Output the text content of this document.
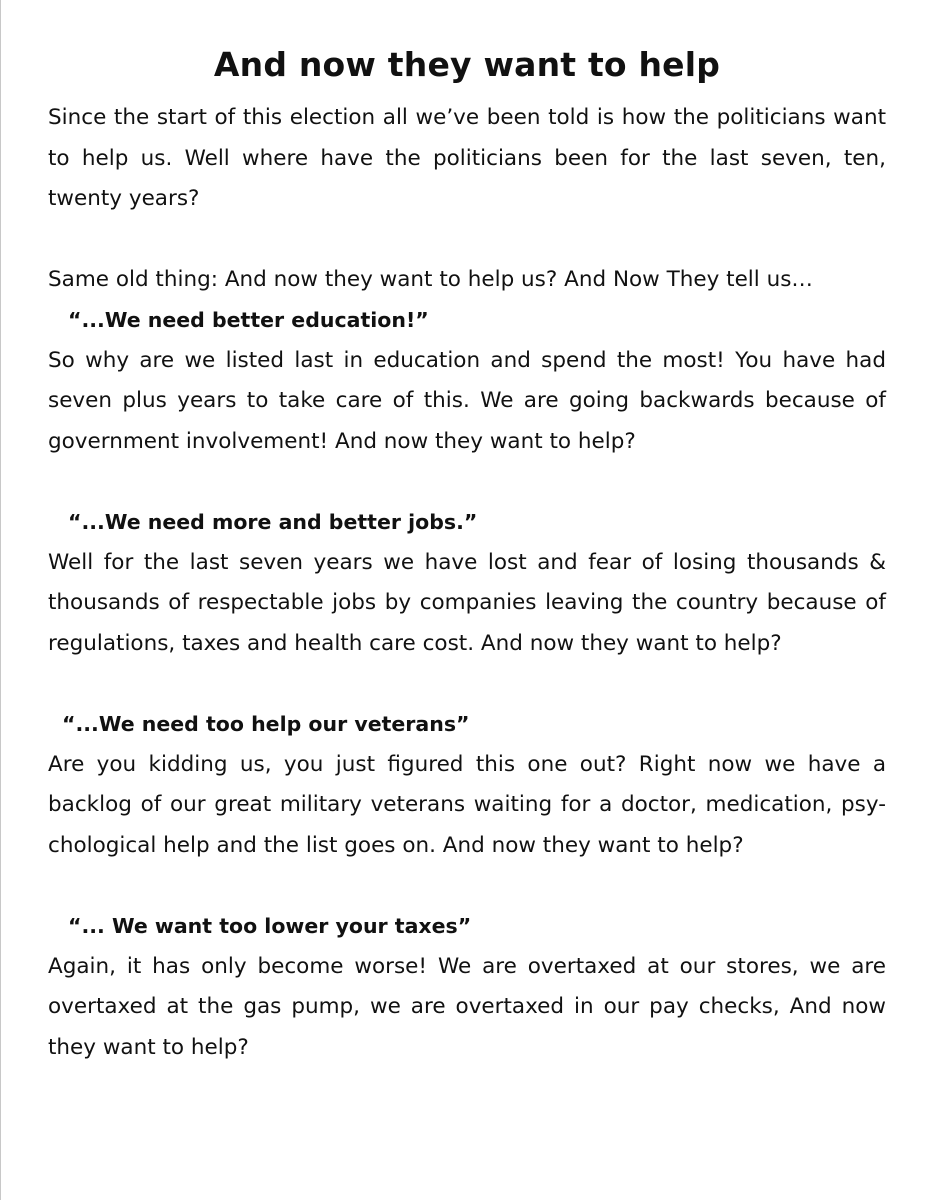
And now they want to help

Since the start of this election all we’ve been told is how the politicians want to help us. Well where have the politicians been for the last seven, ten, twenty years?

Same old thing: And now they want to help us? And Now They tell us…

“...We need better education!”

So why are we listed last in education and spend the most! You have had seven plus years to take care of this. We are going backwards because of government involvement! And now they want to help?

“...We need more and better jobs.”

Well for the last seven years we have lost and fear of losing thousands & thousands of respectable jobs by companies leaving the country because of regulations, taxes and health care cost. And now they want to help?

“...We need too help our veterans”

Are you kidding us, you just figured this one out? Right now we have a backlog of our great military veterans waiting for a doctor, medication, psy-chological help and the list goes on. And now they want to help?

“... We want too lower your taxes”

Again, it has only become worse! We are overtaxed at our stores, we are overtaxed at the gas pump, we are overtaxed in our pay checks, And now they want to help?
